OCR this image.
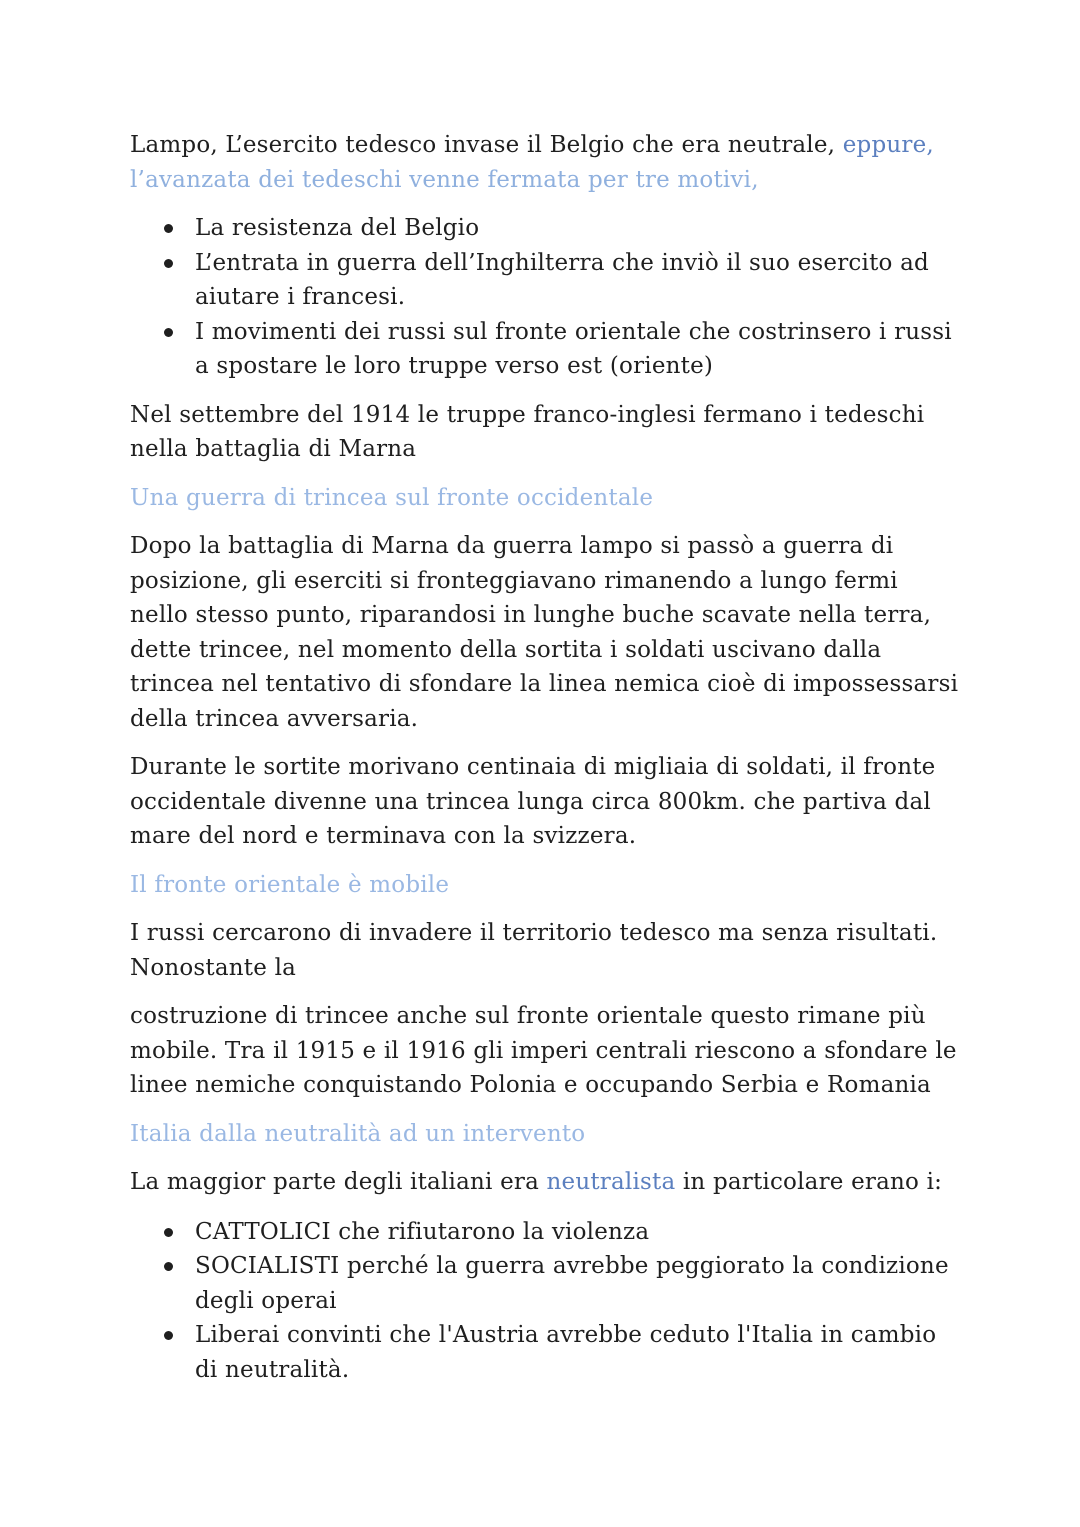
Lampo, L’esercito tedesco invase il Belgio che era neutrale, eppure,
l’avanzata dei tedeschi venne fermata per tre motivi,

La resistenza del Belgio
L’entrata in guerra dell’Inghilterra che inviò il suo esercito ad aiutare i francesi.
I movimenti dei russi sul fronte orientale che costrinsero i russi a spostare le loro truppe verso est (oriente)

Nel settembre del 1914 le truppe franco-inglesi fermano i tedeschi nella battaglia di Marna

Una guerra di trincea sul fronte occidentale

Dopo la battaglia di Marna da guerra lampo si passò a guerra di posizione, gli eserciti si fronteggiavano rimanendo a lungo fermi nello stesso punto, riparandosi in lunghe buche scavate nella terra, dette trincee, nel momento della sortita i soldati uscivano dalla trincea nel tentativo di sfondare la linea nemica cioè di impossessarsi della trincea avversaria.

Durante le sortite morivano centinaia di migliaia di soldati, il fronte occidentale divenne una trincea lunga circa 800km. che partiva dal mare del nord e terminava con la svizzera.

Il fronte orientale è mobile

I russi cercarono di invadere il territorio tedesco ma senza risultati. Nonostante la

costruzione di trincee anche sul fronte orientale questo rimane più mobile. Tra il 1915 e il 1916 gli imperi centrali riescono a sfondare le linee nemiche conquistando Polonia e occupando Serbia e Romania

Italia dalla neutralità ad un intervento

La maggior parte degli italiani era neutralista in particolare erano i:

CATTOLICI che rifiutarono la violenza
SOCIALISTI perché la guerra avrebbe peggiorato la condizione degli operai
Liberai convinti che l'Austria avrebbe ceduto l'Italia in cambio di neutralità.
